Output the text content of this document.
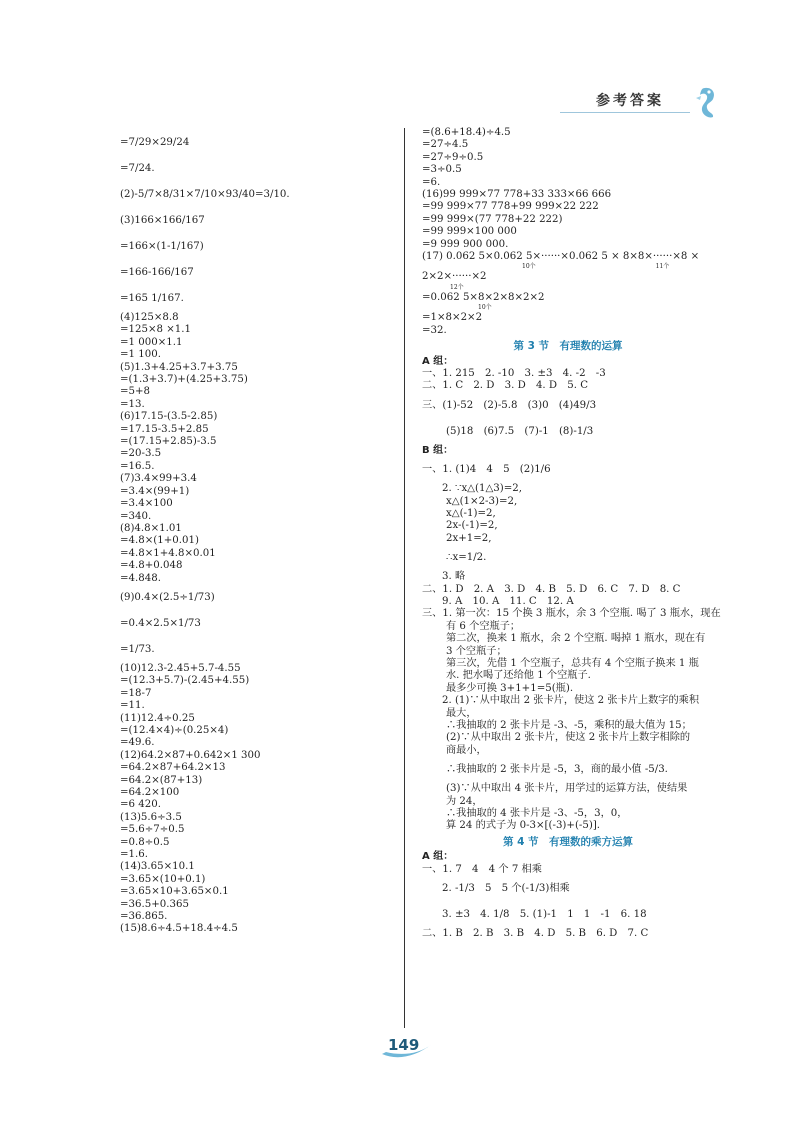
参考答案
=7/29×29/24
=7/24.
(2)-5/7×8/31×7/10×93/40=3/10.
(3)166×166/167
=166×(1-1/167)
=166-166/167
=165 1/167.
(4)125×8.8
=125×8 ×1.1
=1 000×1.1
=1 100.
(5)1.3+4.25+3.7+3.75
=(1.3+3.7)+(4.25+3.75)
=5+8
=13.
(6)17.15-(3.5-2.85)
=17.15-3.5+2.85
=(17.15+2.85)-3.5
=20-3.5
=16.5.
(7)3.4×99+3.4
=3.4×(99+1)
=3.4×100
=340.
(8)4.8×1.01
=4.8×(1+0.01)
=4.8×1+4.8×0.01
=4.8+0.048
=4.848.
(9)0.4×(2.5÷1/73)
=0.4×2.5×1/73
=1/73.
(10)12.3-2.45+5.7-4.55
=(12.3+5.7)-(2.45+4.55)
=18-7
=11.
(11)12.4÷0.25
=(12.4×4)÷(0.25×4)
=49.6.
(12)64.2×87+0.642×1 300
=64.2×87+64.2×13
=64.2×(87+13)
=64.2×100
=6 420.
(13)5.6÷3.5
=5.6÷7÷0.5
=0.8÷0.5
=1.6.
(14)3.65×10.1
=3.65×(10+0.1)
=3.65×10+3.65×0.1
=36.5+0.365
=36.865.
(15)8.6÷4.5+18.4÷4.5
=(8.6+18.4)÷4.5
=27÷4.5
=27÷9÷0.5
=3÷0.5
=6.
(16)99 999×77 778+33 333×66 666
=99 999×77 778+99 999×22 222
=99 999×(77 778+22 222)
=99 999×100 000
=9 999 900 000.
(17) 0.062 5×0.062 5×······×0.062 5 × 8×8×······×8 ×
10个	11个
2×2×······×2
12个
=0.062 5×8×2×8×2×2
10个
=1×8×2×2
=32.
第 3 节　有理数的运算
A 组：
一、1. 215　2. -10　3. ±3　4. -2　-3
二、1. C　2. D　3. D　4. D　5. C
三、(1)-52　(2)-5.8　(3)0　(4)49/3
(5)18　(6)7.5　(7)-1　(8)-1/3
B 组：
一、1. (1)4　4　5　(2)1/6
2. ∵x△(1△3)=2,
x△(1×2-3)=2,
x△(-1)=2,
2x-(-1)=2,
2x+1=2,
∴x=1/2.
3. 略
二、1. D　2. A　3. D　4. B　5. D　6. C　7. D　8. C
9. A　10. A　11. C　12. A
三、1. 第一次：15 个换 3 瓶水，余 3 个空瓶. 喝了 3 瓶水，现在
有 6 个空瓶子；
第二次，换来 1 瓶水，余 2 个空瓶. 喝掉 1 瓶水，现在有
3 个空瓶子；
第三次，先借 1 个空瓶子，总共有 4 个空瓶子换来 1 瓶
水. 把水喝了还给他 1 个空瓶子.
最多少可换 3+1+1=5(瓶).
2. (1)∵从中取出 2 张卡片，使这 2 张卡片上数字的乘积
最大，
∴我抽取的 2 张卡片是 -3、-5，乘积的最大值为 15；
(2)∵从中取出 2 张卡片，使这 2 张卡片上数字相除的
商最小，
∴我抽取的 2 张卡片是 -5，3，商的最小值 -5/3.
(3)∵从中取出 4 张卡片，用学过的运算方法，使结果
为 24，
∴我抽取的 4 张卡片是 -3、-5，3，0，
算 24 的式子为 0-3×[(-3)+(-5)].
第 4 节　有理数的乘方运算
A 组：
一、1. 7　4　4 个 7 相乘
2. -1/3　5　5 个(-1/3)相乘
3. ±3　4. 1/8　5. (1)-1　1　1　-1　6. 18
二、1. B　2. B　3. B　4. D　5. B　6. D　7. C
149
